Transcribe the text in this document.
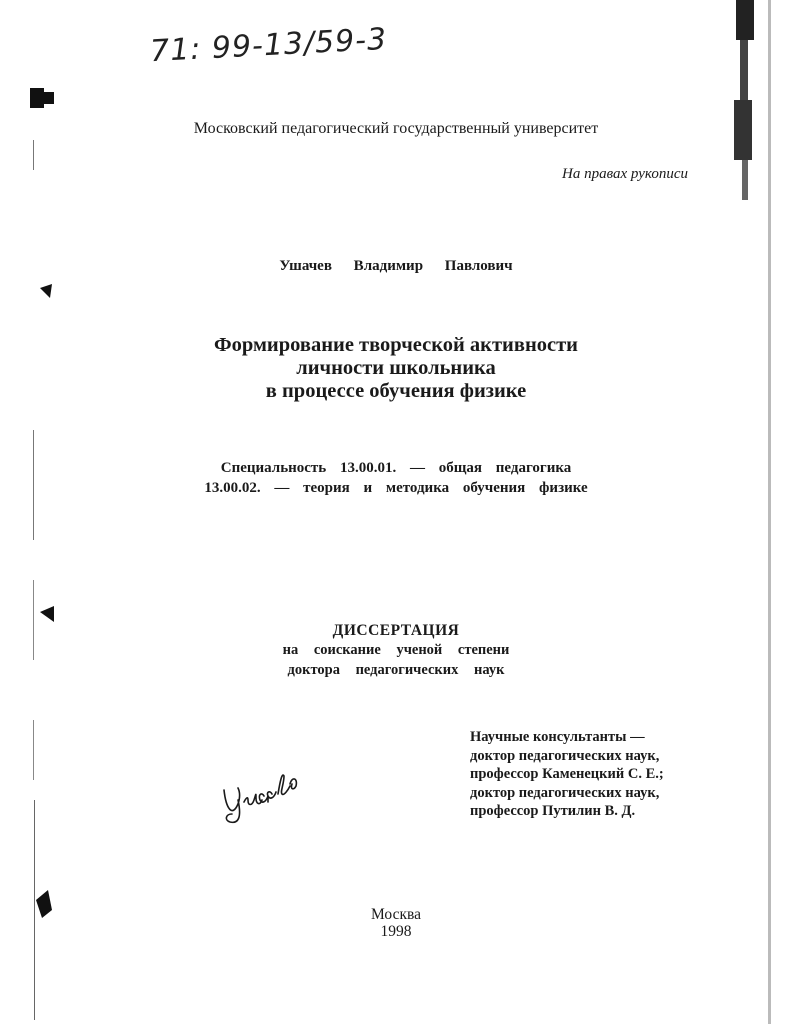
71: 99-13/59-3
Московский педагогический государственный университет
На правах рукописи
Ушачев Владимир Павлович
Формирование творческой активности
личности школьника
в процессе обучения физике
Специальность 13.00.01. — общая педагогика
13.00.02. — теория и методика обучения физике
ДИССЕРТАЦИЯ
на соискание ученой степени
доктора педагогических наук
Научные консультанты —
доктор педагогических наук,
профессор Каменецкий С. Е.;
доктор педагогических наук,
профессор Путилин В. Д.
Москва
1998
